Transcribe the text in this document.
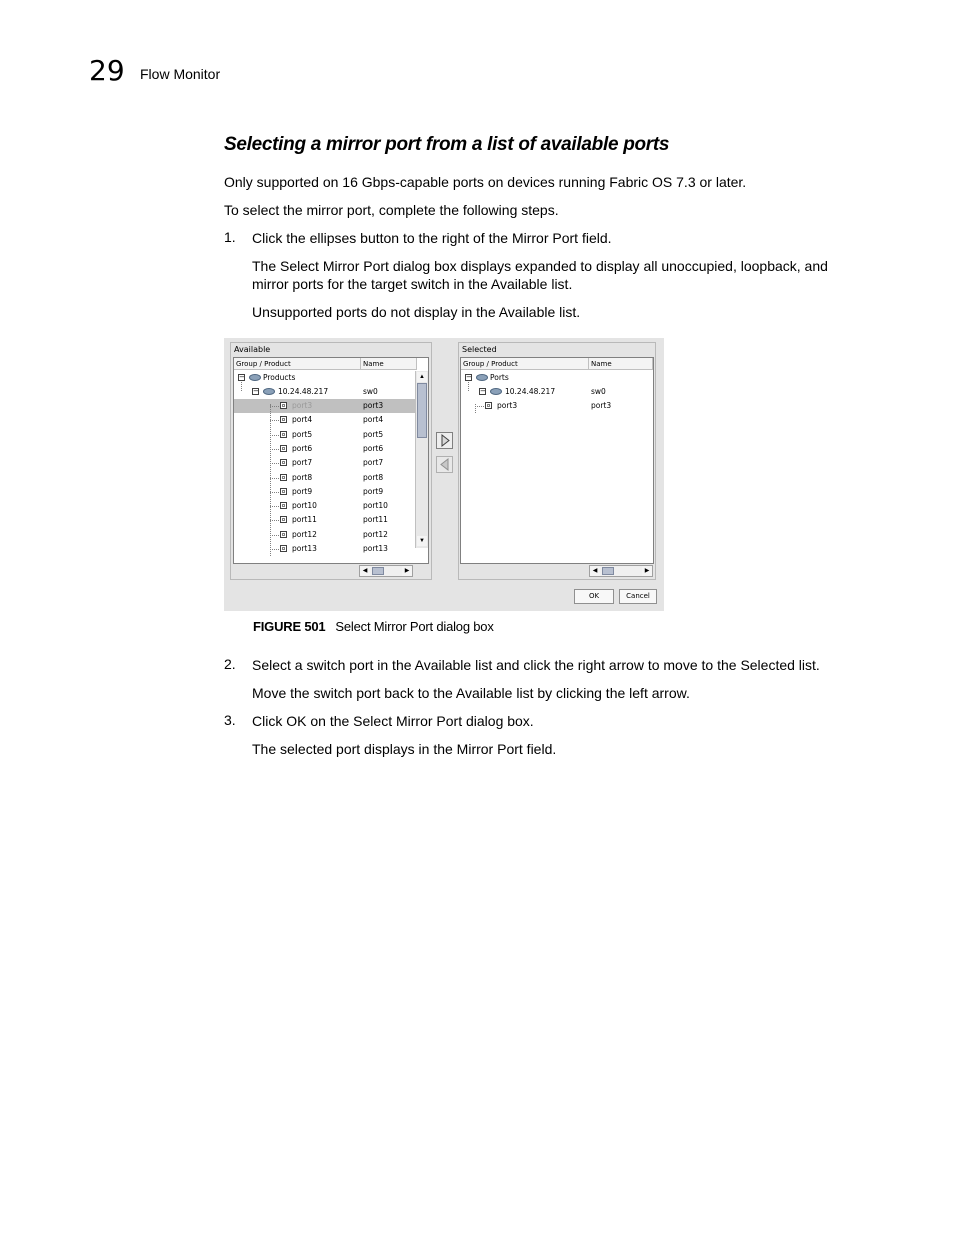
29 Flow Monitor
Selecting a mirror port from a list of available ports
Only supported on 16 Gbps-capable ports on devices running Fabric OS 7.3 or later.
To select the mirror port, complete the following steps.
1. Click the ellipses button to the right of the Mirror Port field.
The Select Mirror Port dialog box displays expanded to display all unoccupied, loopback, and
mirror ports for the target switch in the Available list.
Unsupported ports do not display in the Available list.
Available
Group / Product	Name
− Products
−	10.24.48.217	sw0
port3	port3
port4	port4
port5	port5
port6	port6
port7	port7
port8	port8
port9	port9
port10	port10
port11	port11
port12	port12
port13	port13
▲
▼
◀	▶
Selected
Group / Product	Name
− Ports
−	10.24.48.217	sw0
port3	port3
◀	▶
OK	Cancel
FIGURE 501 Select Mirror Port dialog box
2. Select a switch port in the Available list and click the right arrow to move to the Selected list.
Move the switch port back to the Available list by clicking the left arrow.
3. Click OK on the Select Mirror Port dialog box.
The selected port displays in the Mirror Port field.
